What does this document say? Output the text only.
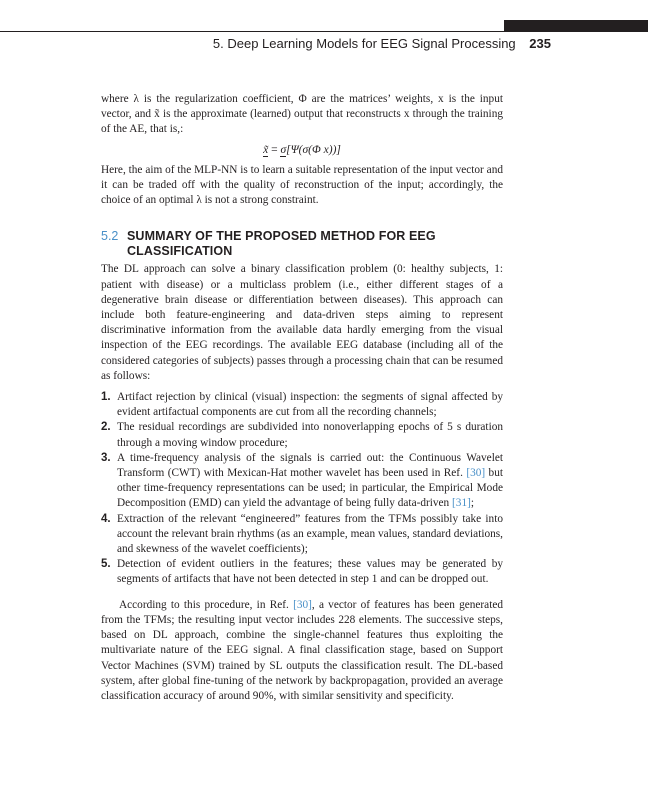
5. Deep Learning Models for EEG Signal Processing 235

where λ is the regularization coefficient, Φ are the matrices’ weights, x is the input vector, and x̃ is the approximate (learned) output that reconstructs x through the training of the AE, that is,:

x̃ = σ[Ψ(σ(Φ x))]

Here, the aim of the MLP-NN is to learn a suitable representation of the input vector and it can be traded off with the quality of reconstruction of the input; accordingly, the choice of an optimal λ is not a strong constraint.

5.2 SUMMARY OF THE PROPOSED METHOD FOR EEG CLASSIFICATION

The DL approach can solve a binary classification problem (0: healthy subjects, 1: patient with disease) or a multiclass problem (i.e., either different stages of a degenerative brain disease or differentiation between diseases). This approach can include both feature-engineering and data-driven steps aiming to represent discriminative information from the available data hardly emerging from the visual inspection of the EEG recordings. The available EEG database (including all of the considered categories of subjects) passes through a processing chain that can be resumed as follows:

1. Artifact rejection by clinical (visual) inspection: the segments of signal affected by evident artifactual components are cut from all the recording channels;
2. The residual recordings are subdivided into nonoverlapping epochs of 5 s duration through a moving window procedure;
3. A time-frequency analysis of the signals is carried out: the Continuous Wavelet Transform (CWT) with Mexican-Hat mother wavelet has been used in Ref. [30] but other time-frequency representations can be used; in particular, the Empirical Mode Decomposition (EMD) can yield the advantage of being fully data-driven [31];
4. Extraction of the relevant “engineered” features from the TFMs possibly take into account the relevant brain rhythms (as an example, mean values, standard deviations, and skewness of the wavelet coefficients);
5. Detection of evident outliers in the features; these values may be generated by segments of artifacts that have not been detected in step 1 and can be dropped out.

According to this procedure, in Ref. [30], a vector of features has been generated from the TFMs; the resulting input vector includes 228 elements. The successive steps, based on DL approach, combine the single-channel features thus exploiting the multivariate nature of the EEG signal. A final classification stage, based on Support Vector Machines (SVM) trained by SL outputs the classification result. The DL-based system, after global fine-tuning of the network by backpropagation, provided an average classification accuracy of around 90%, with similar sensitivity and specificity.
